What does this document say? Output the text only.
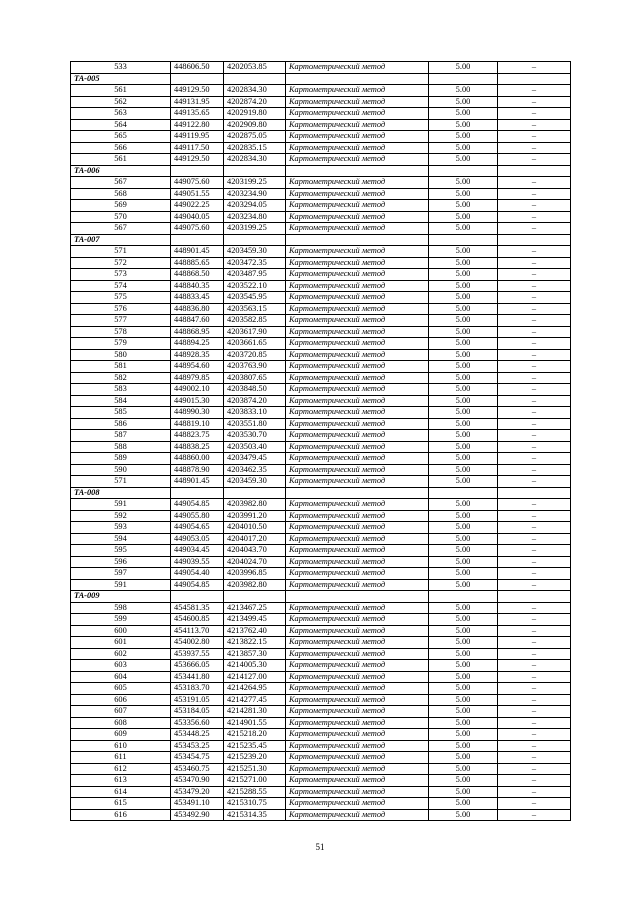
533	448606.50	4202053.85	Картометрический метод	5.00	–
ТА-005					
561	449129.50	4202834.30	Картометрический метод	5.00	–
562	449131.95	4202874.20	Картометрический метод	5.00	–
563	449135.65	4202919.80	Картометрический метод	5.00	–
564	449122.80	4202909.80	Картометрический метод	5.00	–
565	449119.95	4202875.05	Картометрический метод	5.00	–
566	449117.50	4202835.15	Картометрический метод	5.00	–
561	449129.50	4202834.30	Картометрический метод	5.00	–
ТА-006					
567	449075.60	4203199.25	Картометрический метод	5.00	–
568	449051.55	4203234.90	Картометрический метод	5.00	–
569	449022.25	4203294.05	Картометрический метод	5.00	–
570	449040.05	4203234.80	Картометрический метод	5.00	–
567	449075.60	4203199.25	Картометрический метод	5.00	–
ТА-007					
571	448901.45	4203459.30	Картометрический метод	5.00	–
572	448885.65	4203472.35	Картометрический метод	5.00	–
573	448868.50	4203487.95	Картометрический метод	5.00	–
574	448840.35	4203522.10	Картометрический метод	5.00	–
575	448833.45	4203545.95	Картометрический метод	5.00	–
576	448836.80	4203563.15	Картометрический метод	5.00	–
577	448847.60	4203582.85	Картометрический метод	5.00	–
578	448868.95	4203617.90	Картометрический метод	5.00	–
579	448894.25	4203661.65	Картометрический метод	5.00	–
580	448928.35	4203720.85	Картометрический метод	5.00	–
581	448954.60	4203763.90	Картометрический метод	5.00	–
582	448979.85	4203807.65	Картометрический метод	5.00	–
583	449002.10	4203848.50	Картометрический метод	5.00	–
584	449015.30	4203874.20	Картометрический метод	5.00	–
585	448990.30	4203833.10	Картометрический метод	5.00	–
586	448819.10	4203551.80	Картометрический метод	5.00	–
587	448823.75	4203530.70	Картометрический метод	5.00	–
588	448838.25	4203503.40	Картометрический метод	5.00	–
589	448860.00	4203479.45	Картометрический метод	5.00	–
590	448878.90	4203462.35	Картометрический метод	5.00	–
571	448901.45	4203459.30	Картометрический метод	5.00	–
ТА-008					
591	449054.85	4203982.80	Картометрический метод	5.00	–
592	449055.80	4203991.20	Картометрический метод	5.00	–
593	449054.65	4204010.50	Картометрический метод	5.00	–
594	449053.05	4204017.20	Картометрический метод	5.00	–
595	449034.45	4204043.70	Картометрический метод	5.00	–
596	449039.55	4204024.70	Картометрический метод	5.00	–
597	449054.40	4203996.85	Картометрический метод	5.00	–
591	449054.85	4203982.80	Картометрический метод	5.00	–
ТА-009					
598	454581.35	4213467.25	Картометрический метод	5.00	–
599	454600.85	4213499.45	Картометрический метод	5.00	–
600	454113.70	4213762.40	Картометрический метод	5.00	–
601	454002.80	4213822.15	Картометрический метод	5.00	–
602	453937.55	4213857.30	Картометрический метод	5.00	–
603	453666.05	4214005.30	Картометрический метод	5.00	–
604	453441.80	4214127.00	Картометрический метод	5.00	–
605	453183.70	4214264.95	Картометрический метод	5.00	–
606	453191.05	4214277.45	Картометрический метод	5.00	–
607	453184.05	4214281.30	Картометрический метод	5.00	–
608	453356.60	4214901.55	Картометрический метод	5.00	–
609	453448.25	4215218.20	Картометрический метод	5.00	–
610	453453.25	4215235.45	Картометрический метод	5.00	–
611	453454.75	4215239.20	Картометрический метод	5.00	–
612	453460.75	4215251.30	Картометрический метод	5.00	–
613	453470.90	4215271.00	Картометрический метод	5.00	–
614	453479.20	4215288.55	Картометрический метод	5.00	–
615	453491.10	4215310.75	Картометрический метод	5.00	–
616	453492.90	4215314.35	Картометрический метод	5.00	–
51
